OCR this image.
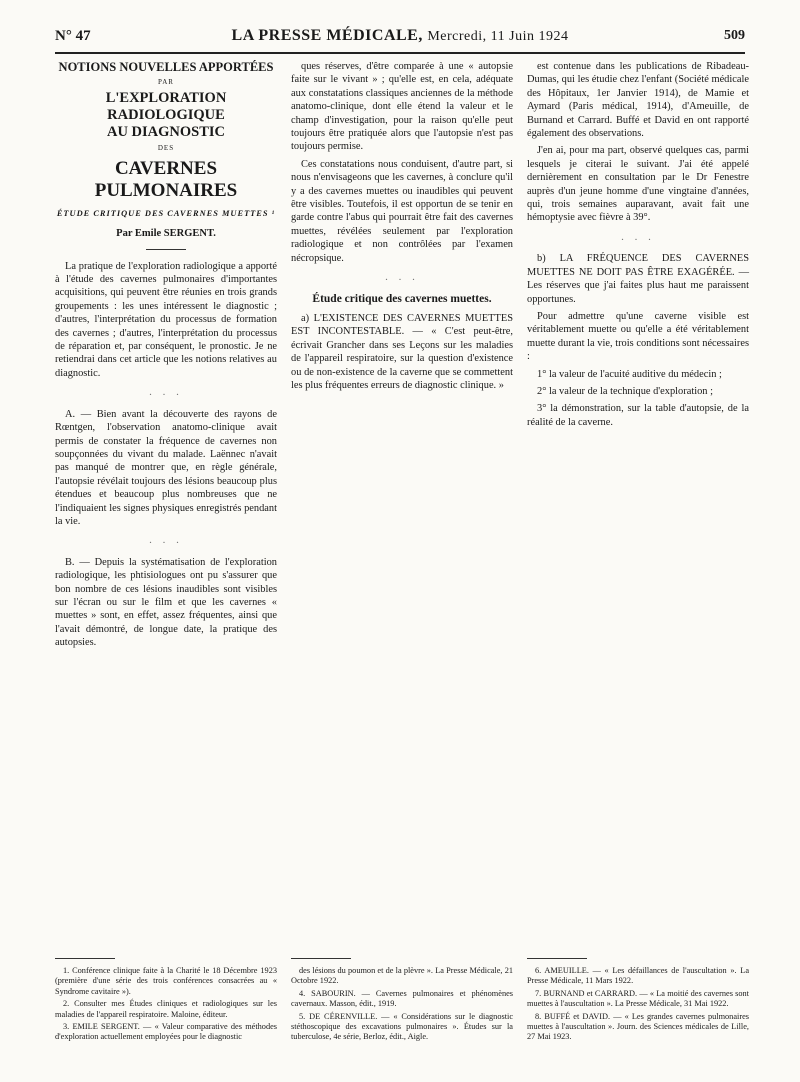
N° 47	LA PRESSE MÉDICALE, Mercredi, 11 Juin 1924	509
NOTIONS NOUVELLES APPORTÉES
PAR
L'EXPLORATION RADIOLOGIQUE
AU DIAGNOSTIC
DES
CAVERNES PULMONAIRES
ÉTUDE CRITIQUE DES CAVERNES MUETTES ¹
Par Emile SERGENT.

La pratique de l'exploration radiologique a apporté à l'étude des cavernes pulmonaires d'importantes acquisitions, qui peuvent être réunies en trois grands groupements : les unes intéressent le diagnostic ; d'autres, l'interprétation du processus de formation des cavernes ; d'autres, l'interprétation du processus de réparation et, par conséquent, le pronostic. Je ne retiendrai dans cet article que les notions relatives au diagnostic.

. . .

A. — Bien avant la découverte des rayons de Rœntgen, l'observation anatomo-clinique avait permis de constater la fréquence de cavernes non soupçonnées du vivant du malade. Laënnec n'avait pas manqué de montrer que, en règle générale, l'autopsie révélait toujours des lésions beaucoup plus étendues et beaucoup plus nombreuses que ne l'indiquaient les signes physiques enregistrés pendant la vie.

. . .

B. — Depuis la systématisation de l'exploration radiologique, les phtisiologues ont pu s'assurer que bon nombre de ces lésions inaudibles sont visibles sur l'écran ou sur le film et que les cavernes « muettes » sont, en effet, assez fréquentes, ainsi que l'avait démontré, de longue date, la pratique des autopsies.

ques réserves, d'être comparée à une « autopsie faite sur le vivant » ; qu'elle est, en cela, adéquate aux constatations classiques anciennes de la méthode anatomo-clinique, dont elle étend la valeur et le champ d'investigation, pour la raison qu'elle peut toujours être pratiquée alors que l'autopsie n'est pas toujours permise.

Ces constatations nous conduisent, d'autre part, si nous n'envisageons que les cavernes, à conclure qu'il y a des cavernes muettes ou inaudibles qui peuvent être visibles. Toutefois, il est opportun de se tenir en garde contre l'abus qui pourrait être fait des cavernes muettes, révélées seulement par l'exploration radiologique et non contrôlées par l'examen nécropsique.

. . .
Étude critique des cavernes muettes.

a) L'EXISTENCE DES CAVERNES MUETTES EST INCONTESTABLE. — « C'est peut-être, écrivait Grancher dans ses Leçons sur les maladies de l'appareil respiratoire, sur la question d'existence ou de non-existence de la caverne que se commettent les plus fréquentes erreurs de diagnostic clinique. »

est contenue dans les publications de Ribadeau-Dumas, qui les étudie chez l'enfant (Société médicale des Hôpitaux, 1er Janvier 1914), de Mamie et Aymard (Paris médical, 1914), d'Ameuille, de Burnand et Carrard. Buffé et David en ont rapporté également des observations.

J'en ai, pour ma part, observé quelques cas, parmi lesquels je citerai le suivant. J'ai été appelé dernièrement en consultation par le Dr Fenestre auprès d'un jeune homme d'une vingtaine d'années, qui, trois semaines auparavant, avait fait une hémoptysie avec fièvre à 39°.

. . .

b) LA FRÉQUENCE DES CAVERNES MUETTES NE DOIT PAS ÊTRE EXAGÉRÉE. — Les réserves que j'ai faites plus haut me paraissent opportunes.

Pour admettre qu'une caverne visible est véritablement muette ou qu'elle a été véritablement muette durant la vie, trois conditions sont nécessaires :

1° la valeur de l'acuité auditive du médecin ;

2° la valeur de la technique d'exploration ;

3° la démonstration, sur la table d'autopsie, de la réalité de la caverne.

1. Conférence clinique faite à la Charité le 18 Décembre 1923 (première d'une série des trois conférences consacrées au « Syndrome cavitaire »).

2. Consulter mes Études cliniques et radiologiques sur les maladies de l'appareil respiratoire. Maloine, éditeur.

3. EMILE SERGENT. — « Valeur comparative des méthodes d'exploration actuellement employées pour le diagnostic

des lésions du poumon et de la plèvre ». La Presse Médicale, 21 Octobre 1922.

4. SABOURIN. — Cavernes pulmonaires et phénomènes cavernaux. Masson, édit., 1919.

5. DE CÉRENVILLE. — « Considérations sur le diagnostic stéthoscopique des excavations pulmonaires ». Études sur la tuberculose, 4e série, Berloz, édit., Aigle.

6. AMEUILLE. — « Les défaillances de l'auscultation ». La Presse Médicale, 11 Mars 1922.

7. BURNAND et CARRARD. — « La moitié des cavernes sont muettes à l'auscultation ». La Presse Médicale, 31 Mai 1922.

8. BUFFÉ et DAVID. — « Les grandes cavernes pulmonaires muettes à l'auscultation ». Journ. des Sciences médicales de Lille, 27 Mai 1923.
